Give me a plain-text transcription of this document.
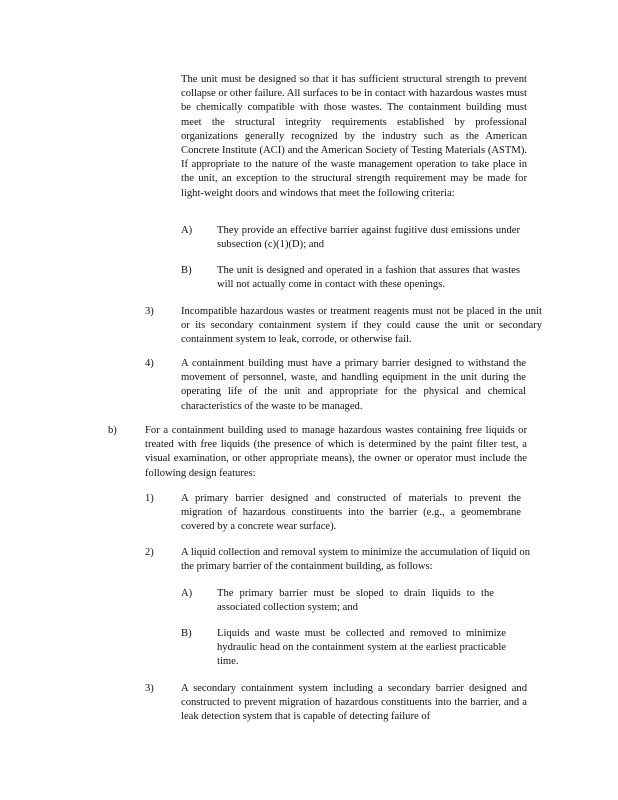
The unit must be designed so that it has sufficient structural strength to prevent collapse or other failure. All surfaces to be in contact with hazardous wastes must be chemically compatible with those wastes. The containment building must meet the structural integrity requirements established by professional organizations generally recognized by the industry such as the American Concrete Institute (ACI) and the American Society of Testing Materials (ASTM). If appropriate to the nature of the waste management operation to take place in the unit, an exception to the structural strength requirement may be made for light-weight doors and windows that meet the following criteria:
A) They provide an effective barrier against fugitive dust emissions under subsection (c)(1)(D); and
B) The unit is designed and operated in a fashion that assures that wastes will not actually come in contact with these openings.
3)	Incompatible hazardous wastes or treatment reagents must not be placed in the unit or its secondary containment system if they could cause the unit or secondary containment system to leak, corrode, or otherwise fail.
4)	A containment building must have a primary barrier designed to withstand the movement of personnel, waste, and handling equipment in the unit during the operating life of the unit and appropriate for the physical and chemical characteristics of the waste to be managed.
b)	For a containment building used to manage hazardous wastes containing free liquids or treated with free liquids (the presence of which is determined by the paint filter test, a visual examination, or other appropriate means), the owner or operator must include the following design features:
1)	A primary barrier designed and constructed of materials to prevent the migration of hazardous constituents into the barrier (e.g., a geomembrane covered by a concrete wear surface).
2)	A liquid collection and removal system to minimize the accumulation of liquid on the primary barrier of the containment building, as follows:
A) The primary barrier must be sloped to drain liquids to the associated collection system; and
B) Liquids and waste must be collected and removed to minimize hydraulic head on the containment system at the earliest practicable time.
3)	A secondary containment system including a secondary barrier designed and constructed to prevent migration of hazardous constituents into the barrier, and a leak detection system that is capable of detecting failure of
